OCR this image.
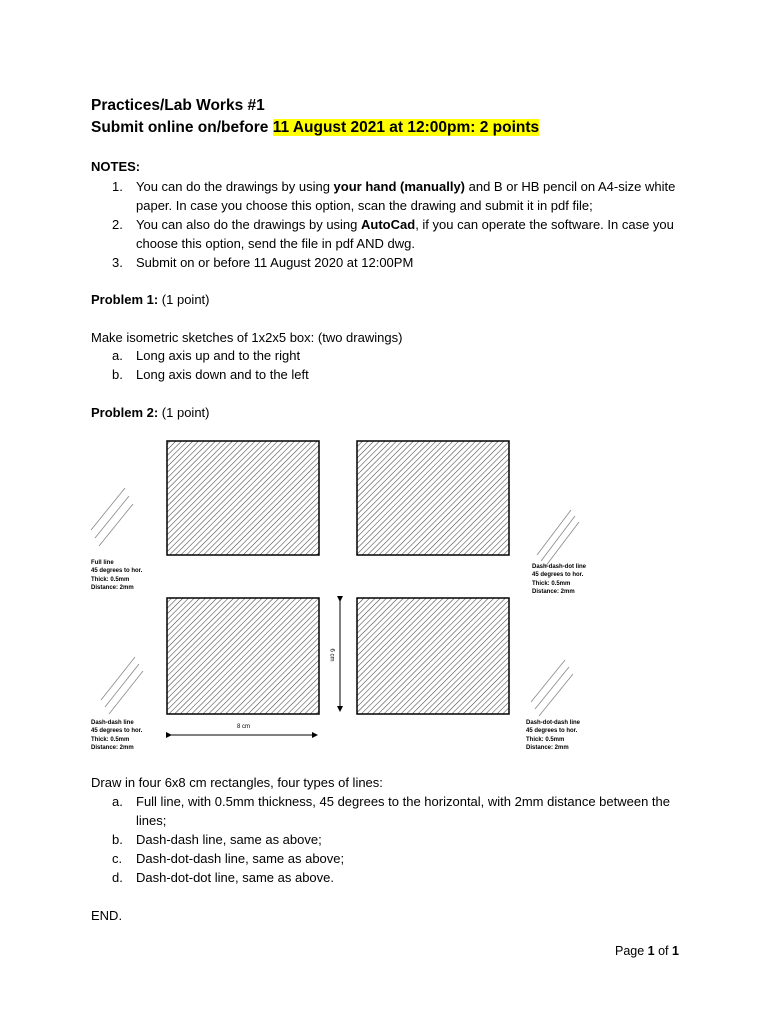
Practices/Lab Works #1
Submit online on/before 11 August 2021 at 12:00pm: 2 points
NOTES:
1. You can do the drawings by using your hand (manually) and B or HB pencil on A4-size white paper. In case you choose this option, scan the drawing and submit it in pdf file;
2. You can also do the drawings by using AutoCad, if you can operate the software. In case you choose this option, send the file in pdf AND dwg.
3. Submit on or before 11 August 2020 at 12:00PM
Problem 1: (1 point)
Make isometric sketches of 1x2x5 box: (two drawings)
a. Long axis up and to the right
b. Long axis down and to the left
Problem 2: (1 point)
Full line
45 degrees to hor.
Thick: 0.5mm
Distance: 2mm
Dash-dash-dot line
45 degrees to hor.
Thick: 0.5mm
Distance: 2mm
Dash-dash line
45 degrees to hor.
Thick: 0.5mm
Distance: 2mm
Dash-dot-dash line
45 degrees to hor.
Thick: 0.5mm
Distance: 2mm
8 cm
6 cm
Draw in four 6x8 cm rectangles, four types of lines:
a. Full line, with 0.5mm thickness, 45 degrees to the horizontal, with 2mm distance between the lines;
b. Dash-dash line, same as above;
c. Dash-dot-dash line, same as above;
d. Dash-dot-dot line, same as above.
END.
Page 1 of 1
